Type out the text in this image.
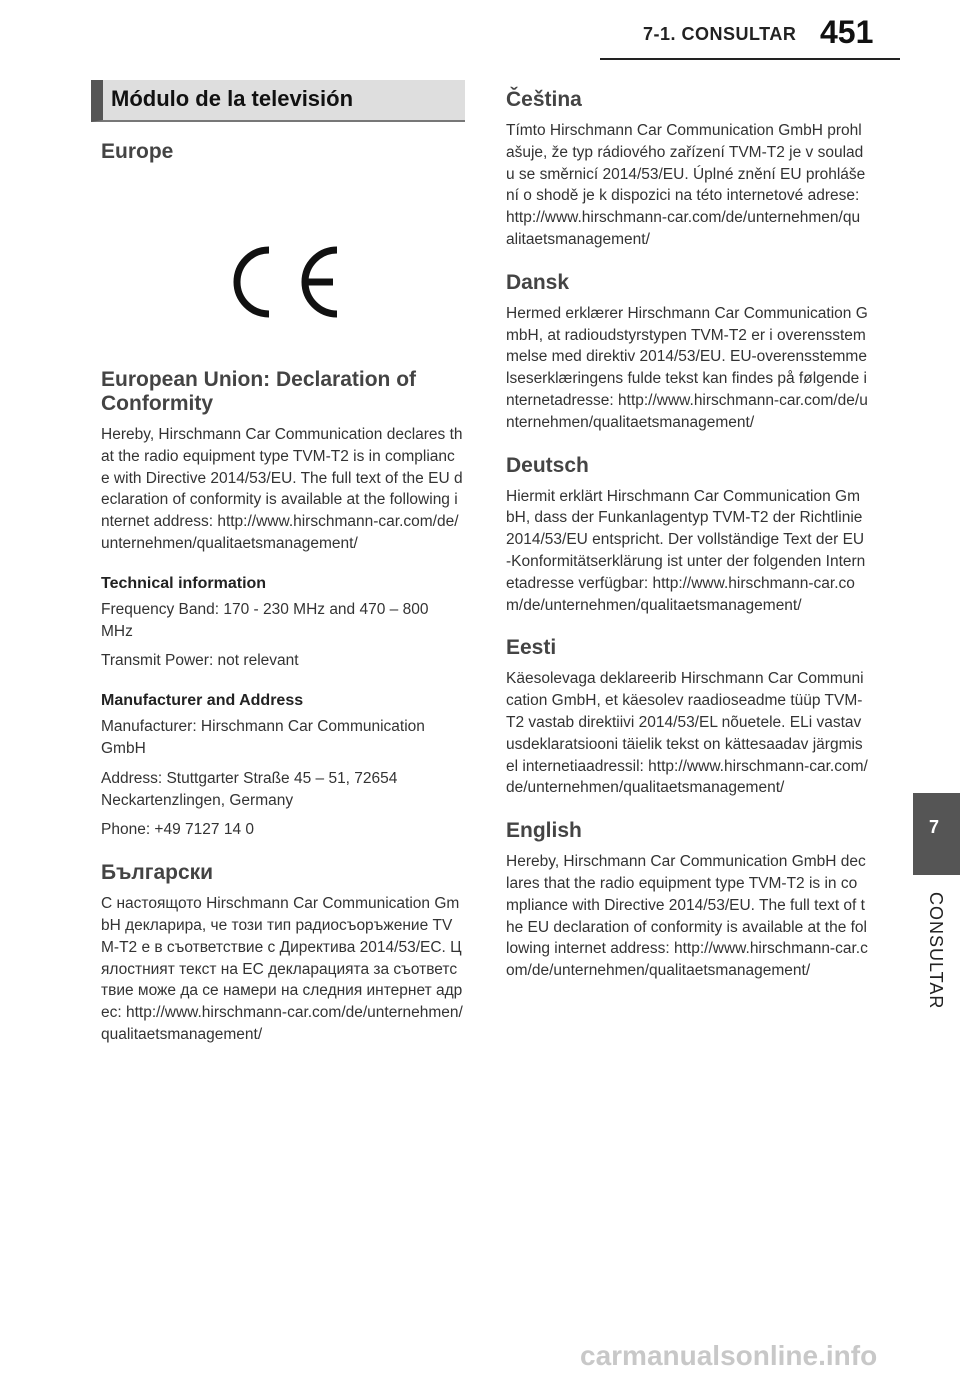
7-1. CONSULTAR 451
Módulo de la televisión
Europe
European Union: Declaration of Conformity

Hereby, Hirschmann Car Communication declares that the radio equipment type TVM-T2 is in compliance with Directive 2014/53/EU. The full text of the EU declaration of conformity is available at the following internet address: http://www.hirschmann-car.com/de/unternehmen/qualitaetsmanagement/

Technical information

Frequency Band: 170 - 230 MHz and 470 – 800 MHz

Transmit Power: not relevant

Manufacturer and Address

Manufacturer: Hirschmann Car Communication GmbH

Address: Stuttgarter Straße 45 – 51, 72654 Neckartenzlingen, Germany

Phone: +49 7127 14 0

Български

С настоящото Hirschmann Car Communication GmbH декларира, че този тип радиосъоръжение TVM-T2 е в съответствие с Директива 2014/53/ЕС. Цялостният текст на ЕС декларацията за съответствие може да се намери на следния интернет адрес: http://www.hirschmann-car.com/de/unternehmen/qualitaetsmanagement/

Čeština

Tímto Hirschmann Car Communication GmbH prohlašuje, že typ rádiového zařízení TVM-T2 je v souladu se směrnicí 2014/53/EU. Úplné znění EU prohlášení o shodě je k dispozici na této internetové adrese: http://www.hirschmann-car.com/de/unternehmen/qualitaetsmanagement/

Dansk

Hermed erklærer Hirschmann Car Communication GmbH, at radioudstyrstypen TVM-T2 er i overensstemmelse med direktiv 2014/53/EU. EU-overensstemmelseserklæringens fulde tekst kan findes på følgende internetadresse: http://www.hirschmann-car.com/de/unternehmen/qualitaetsmanagement/

Deutsch

Hiermit erklärt Hirschmann Car Communication GmbH, dass der Funkanlagentyp TVM-T2 der Richtlinie 2014/53/EU entspricht. Der vollständige Text der EU-Konformitätserklärung ist unter der folgenden Internetadresse verfügbar: http://www.hirschmann-car.com/de/unternehmen/qualitaetsmanagement/

Eesti

Käesolevaga deklareerib Hirschmann Car Communication GmbH, et käesolev raadioseadme tüüp TVM-T2 vastab direktiivi 2014/53/EL nõuetele. ELi vastavusdeklaratsiooni täielik tekst on kättesaadav järgmisel internetiaadressil: http://www.hirschmann-car.com/de/unternehmen/qualitaetsmanagement/

English

Hereby, Hirschmann Car Communication GmbH declares that the radio equipment type TVM-T2 is in compliance with Directive 2014/53/EU. The full text of the EU declaration of conformity is available at the following internet address: http://www.hirschmann-car.com/de/unternehmen/qualitaetsmanagement/

7
CONSULTAR
carmanualsonline.info
